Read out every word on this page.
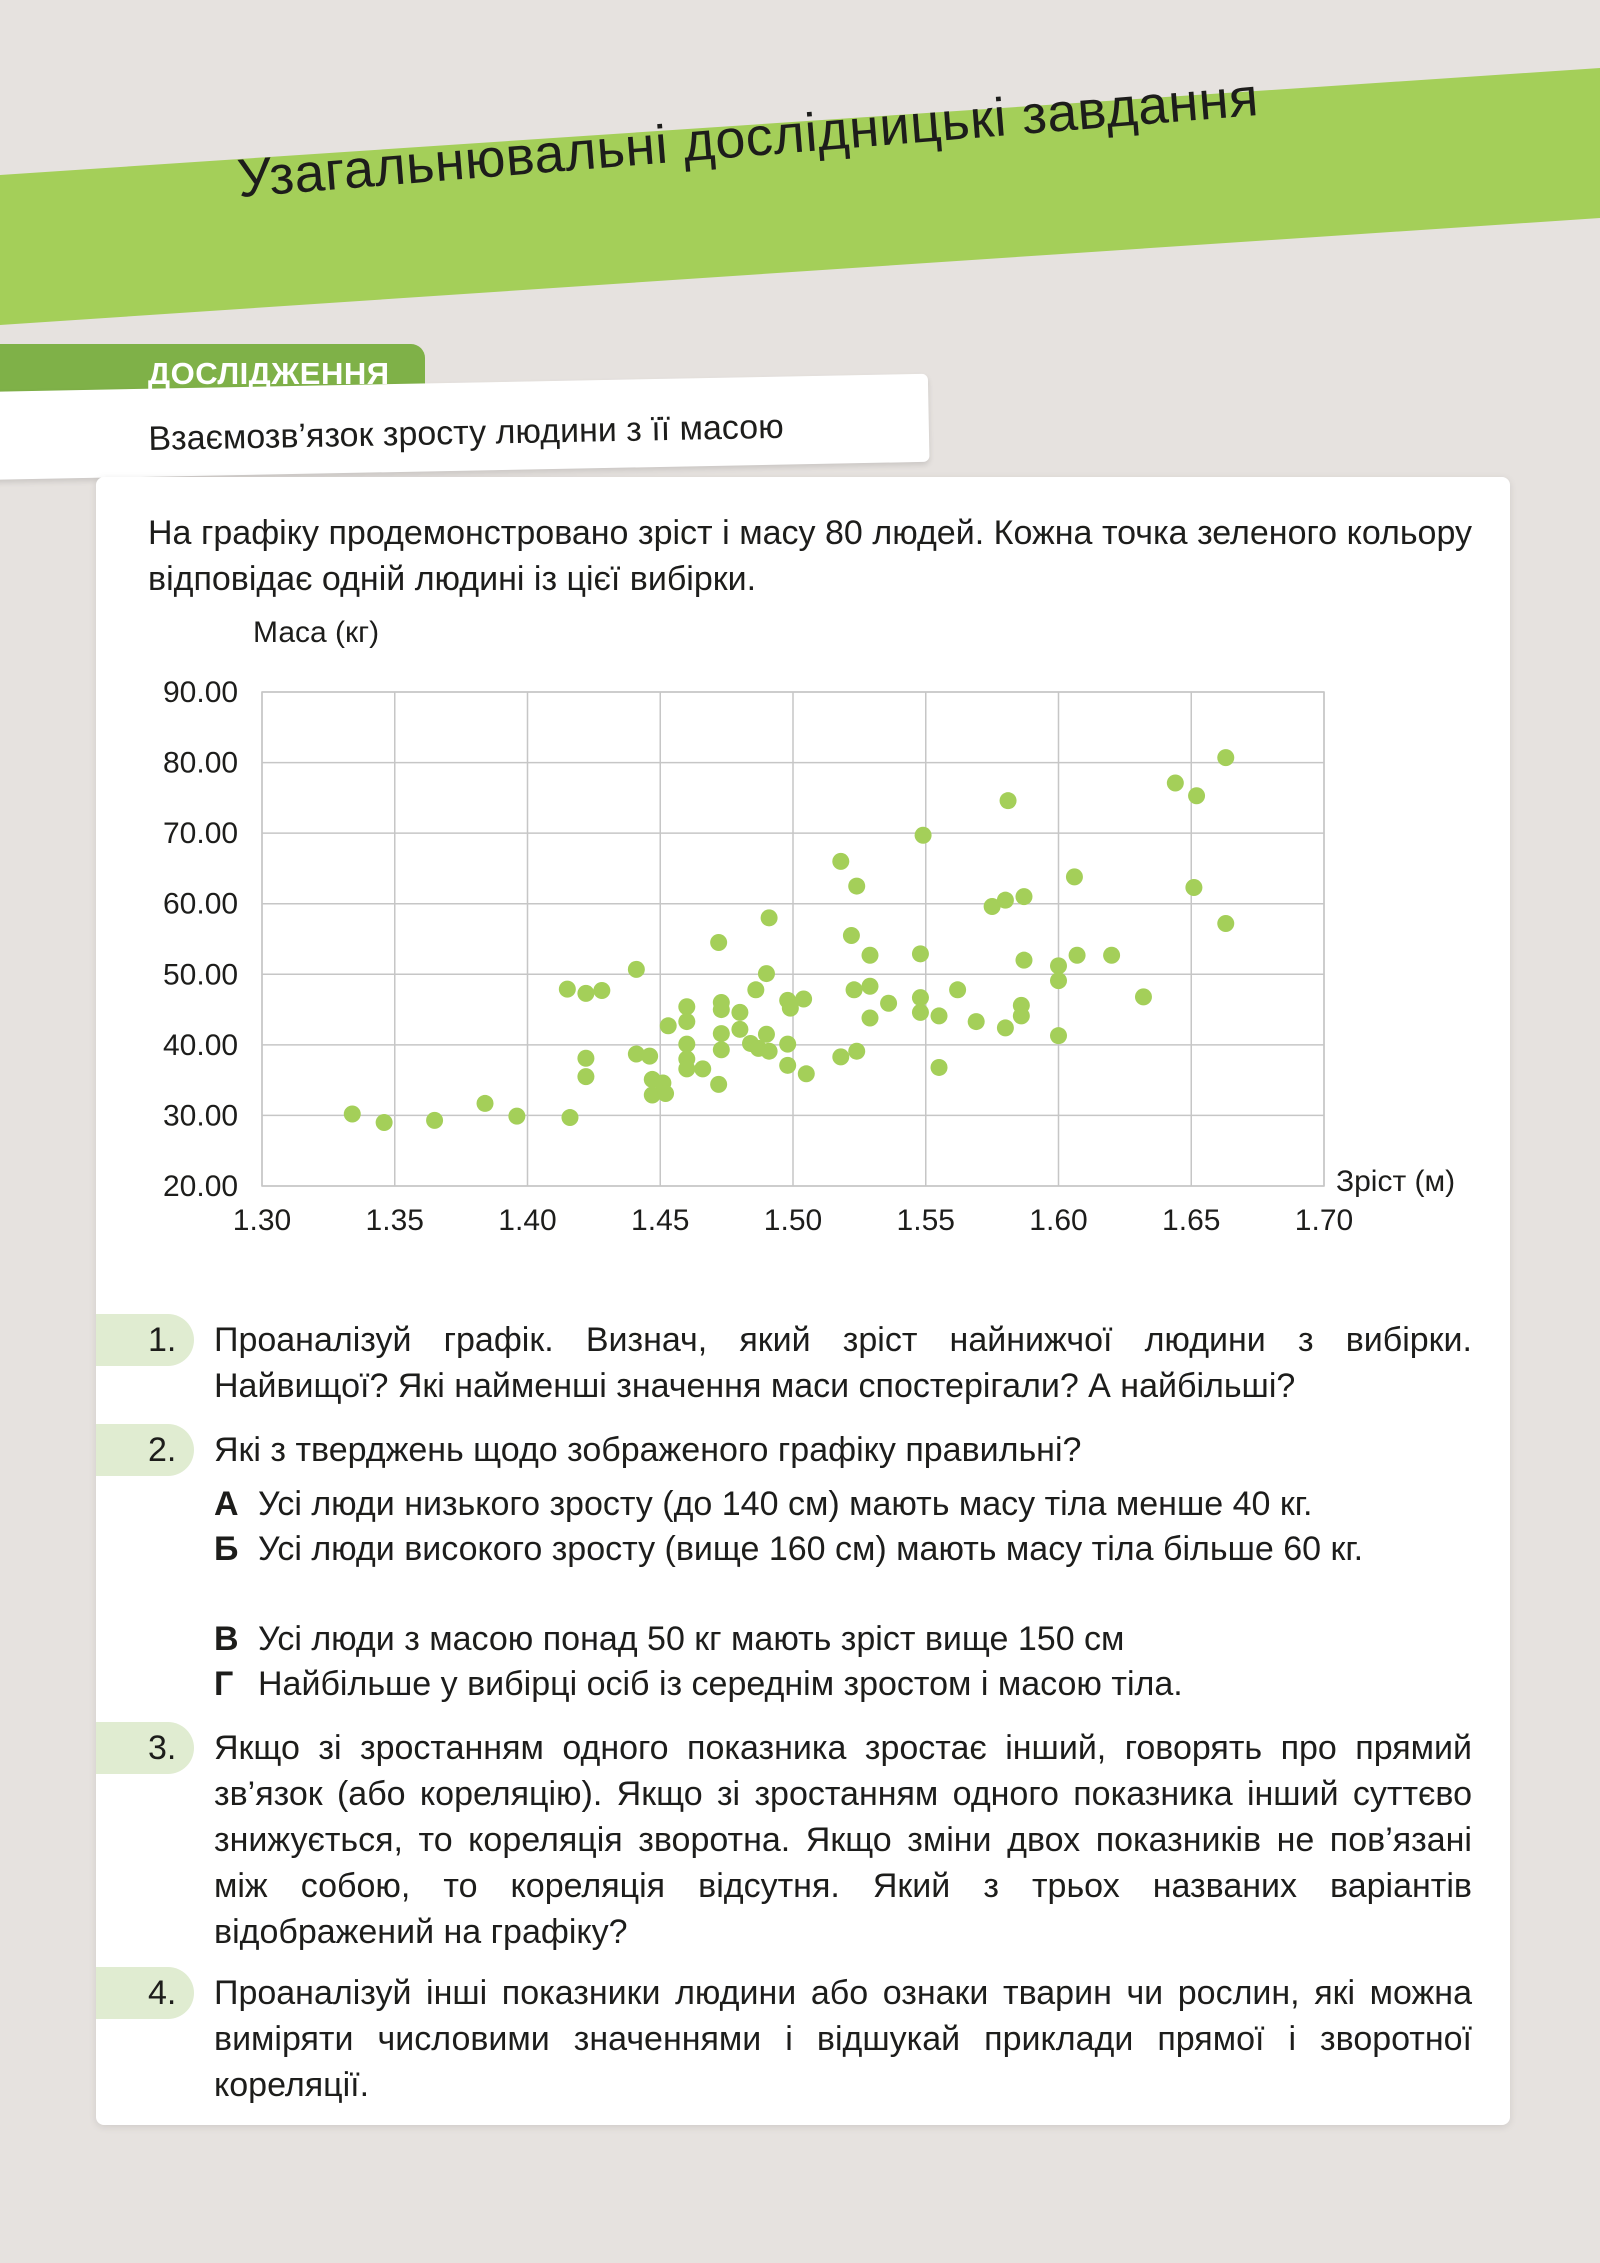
Узагальнювальні дослідницькі завдання
ДОСЛІДЖЕННЯ
Взаємозв’язок зросту людини з її масою
На графіку продемонстровано зріст і масу 80 людей. Кожна точка зеленого кольору відповідає одній людині із цієї вибірки.
20.00
30.00
40.00
50.00
60.00
70.00
80.00
90.00
1.30 1.35 1.40 1.45 1.50 1.55 1.60 1.65 1.70
Маса (кг)
Зріст (м)
1. Проаналізуй графік. Визнач, який зріст найнижчої людини з вибірки. Найвищої? Які найменші значення маси спостерігали? А найбільші?
2. Які з тверджень щодо зображеного графіку правильні?
А Усі люди низького зросту (до 140 см) мають масу тіла менше 40 кг.
Б Усі люди високого зросту (вище 160 см) мають масу тіла більше 60 кг.
В Усі люди з масою понад 50 кг мають зріст вище 150 см
Г Найбільше у вибірці осіб із середнім зростом і масою тіла.
3. Якщо зі зростанням одного показника зростає інший, говорять про прямий зв’язок (або кореляцію). Якщо зі зростанням одного показника інший суттєво знижується, то кореляція зворотна. Якщо зміни двох показників не пов’язані між собою, то кореляція відсутня. Який з трьох названих варіантів відображений на графіку?
4. Проаналізуй інші показники людини або ознаки тварин чи рослин, які можна виміряти числовими значеннями і відшукай приклади прямої і зворотної кореляції.
